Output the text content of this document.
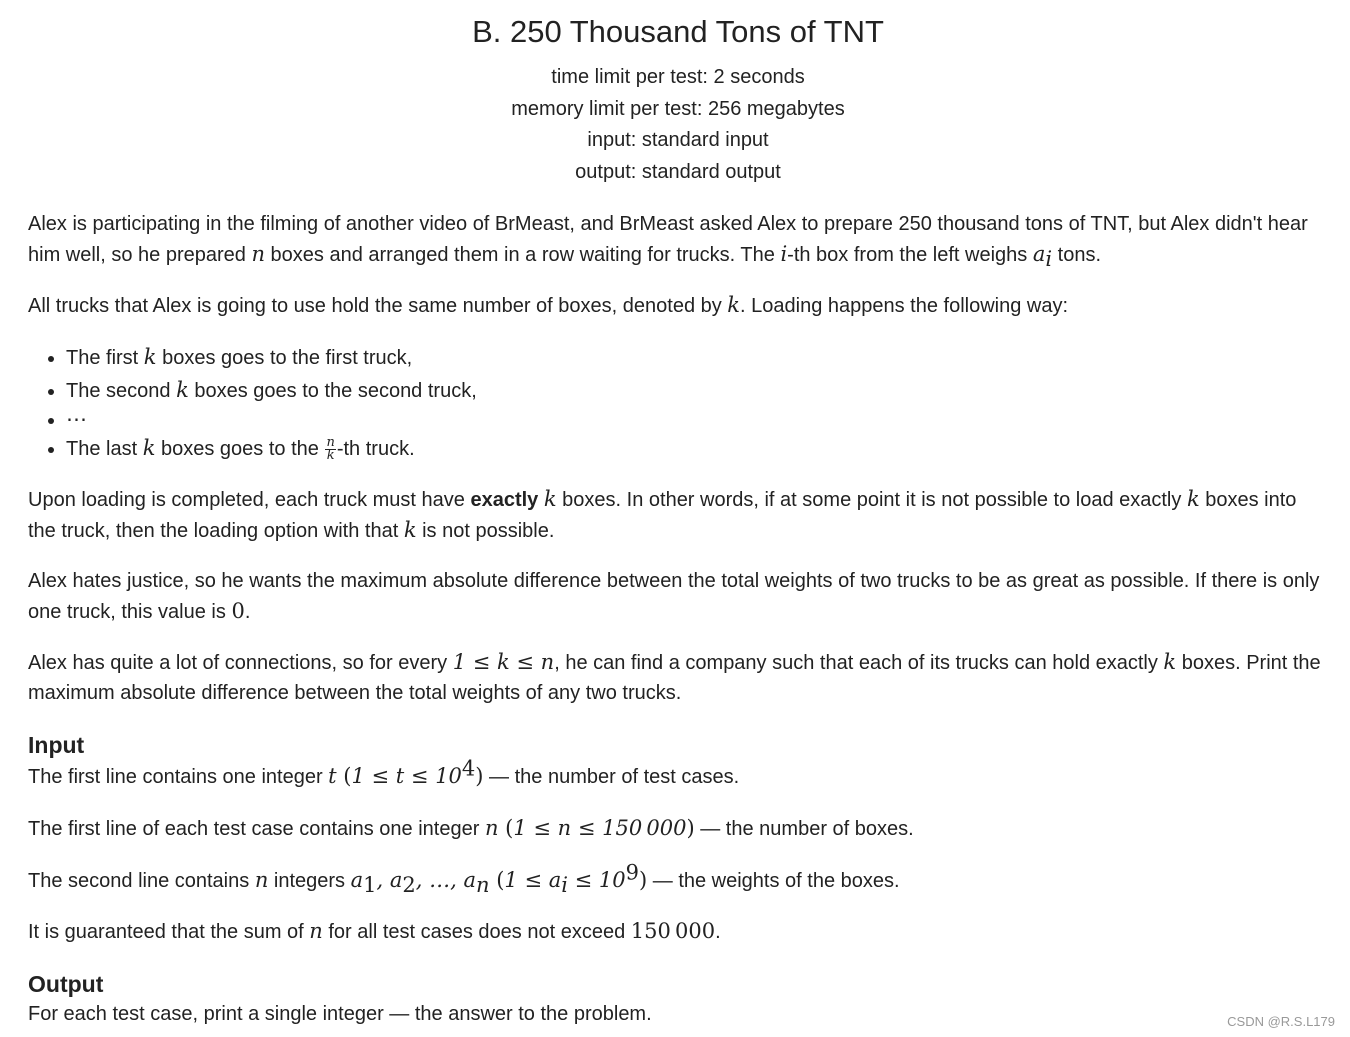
B. 250 Thousand Tons of TNT
time limit per test: 2 seconds
memory limit per test: 256 megabytes
input: standard input
output: standard output

Alex is participating in the filming of another video of BrMeast, and BrMeast asked Alex to prepare 250 thousand tons of TNT, but Alex didn't hear him well, so he prepared n boxes and arranged them in a row waiting for trucks. The i-th box from the left weighs $a_i$ tons.

All trucks that Alex is going to use hold the same number of boxes, denoted by k. Loading happens the following way:

• The first k boxes goes to the first truck,
• The second k boxes goes to the second truck,
• ⋯
• The last k boxes goes to the $\frac{n}{k} -th$ truck.

Upon loading is completed, each truck must have exactly k boxes. In other words, if at some point it is not possible to load exactly k boxes into the truck, then the loading option with that k is not possible.

Alex hates justice, so he wants the maximum absolute difference between the total weights of two trucks to be as great as possible. If there is only one truck, this value is 0.

Alex has quite a lot of connections, so for every 1 ≤ k ≤ n, he can find a company such that each of its trucks can hold exactly k boxes. Print the maximum absolute difference between the total weights of any two trucks.

Input

The first line contains one integer t $(1 \le t \le 10^4)$ — the number of test cases.

The first line of each test case contains one integer n (1 ≤ n ≤ 150 000) — the number of boxes.

The second line contains n integers $a_1$, $a_2$, …, $a_n$ $(1 \le a_i \le 10^9)$ — the weights of the boxes.

It is guaranteed that the sum of n for all test cases does not exceed 150 000.

Output

For each test case, print a single integer — the answer to the problem.	CSDN @R.S.L179
